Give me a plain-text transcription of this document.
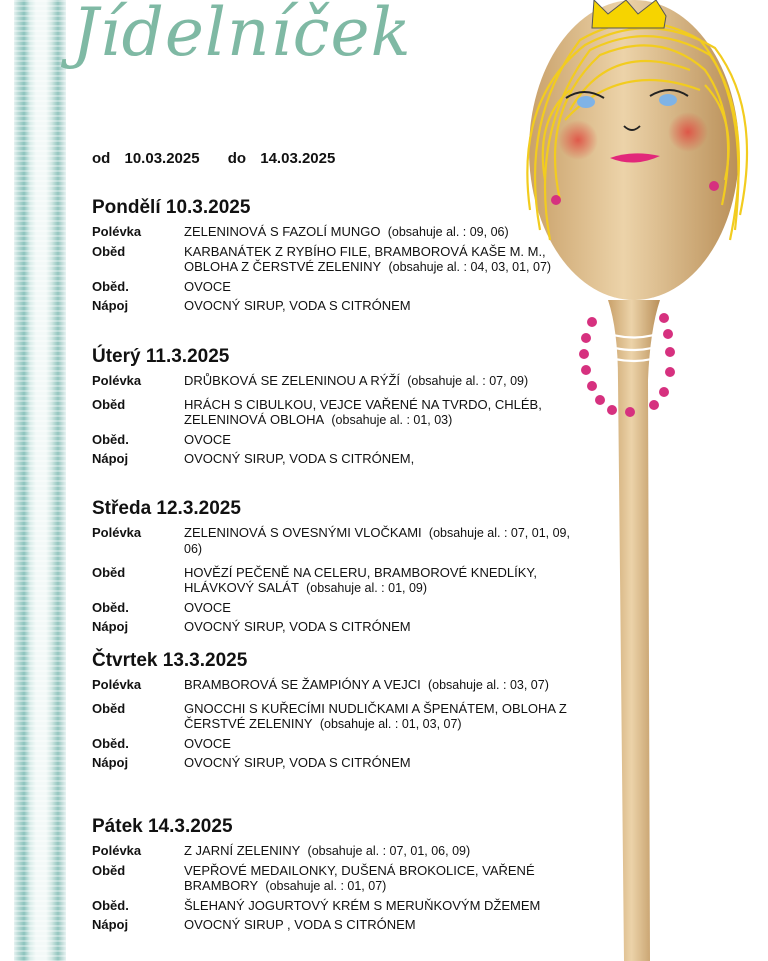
Jídelníček
od 10.03.2025 do 14.03.2025
Pondělí 10.3.2025
Polévka	ZELENINOVÁ S FAZOLÍ MUNGO (obsahuje al. : 09, 06)
Oběd	KARBANÁTEK Z RYBÍHO FILE, BRAMBOROVÁ KAŠE M. M., OBLOHA Z ČERSTVÉ ZELENINY (obsahuje al. : 04, 03, 01, 07)
Oběd.	OVOCE
Nápoj	OVOCNÝ SIRUP, VODA S CITRÓNEM
Úterý 11.3.2025
Polévka	DRŮBKOVÁ SE ZELENINOU A RÝŽÍ (obsahuje al. : 07, 09)
Oběd	HRÁCH S CIBULKOU, VEJCE VAŘENÉ NA TVRDO, CHLÉB, ZELENINOVÁ OBLOHA (obsahuje al. : 01, 03)
Oběd.	OVOCE
Nápoj	OVOCNÝ SIRUP, VODA S CITRÓNEM,
Středa 12.3.2025
Polévka	ZELENINOVÁ S OVESNÝMI VLOČKAMI (obsahuje al. : 07, 01, 09, 06)
Oběd	HOVĚZÍ PEČENĚ NA CELERU, BRAMBOROVÉ KNEDLÍKY, HLÁVKOVÝ SALÁT (obsahuje al. : 01, 09)
Oběd.	OVOCE
Nápoj	OVOCNÝ SIRUP, VODA S CITRÓNEM
Čtvrtek 13.3.2025
Polévka	BRAMBOROVÁ SE ŽAMPIÓNY A VEJCI (obsahuje al. : 03, 07)
Oběd	GNOCCHI S KUŘECÍMI NUDLIČKAMI A ŠPENÁTEM, OBLOHA Z ČERSTVÉ ZELENINY (obsahuje al. : 01, 03, 07)
Oběd.	OVOCE
Nápoj	OVOCNÝ SIRUP, VODA S CITRÓNEM
Pátek 14.3.2025
Polévka	Z JARNÍ ZELENINY (obsahuje al. : 07, 01, 06, 09)
Oběd	VEPŘOVÉ MEDAILONKY, DUŠENÁ BROKOLICE, VAŘENÉ BRAMBORY (obsahuje al. : 01, 07)
Oběd.	ŠLEHANÝ JOGURTOVÝ KRÉM S MERUŇKOVÝM DŽEMEM
Nápoj	OVOCNÝ SIRUP , VODA S CITRÓNEM
